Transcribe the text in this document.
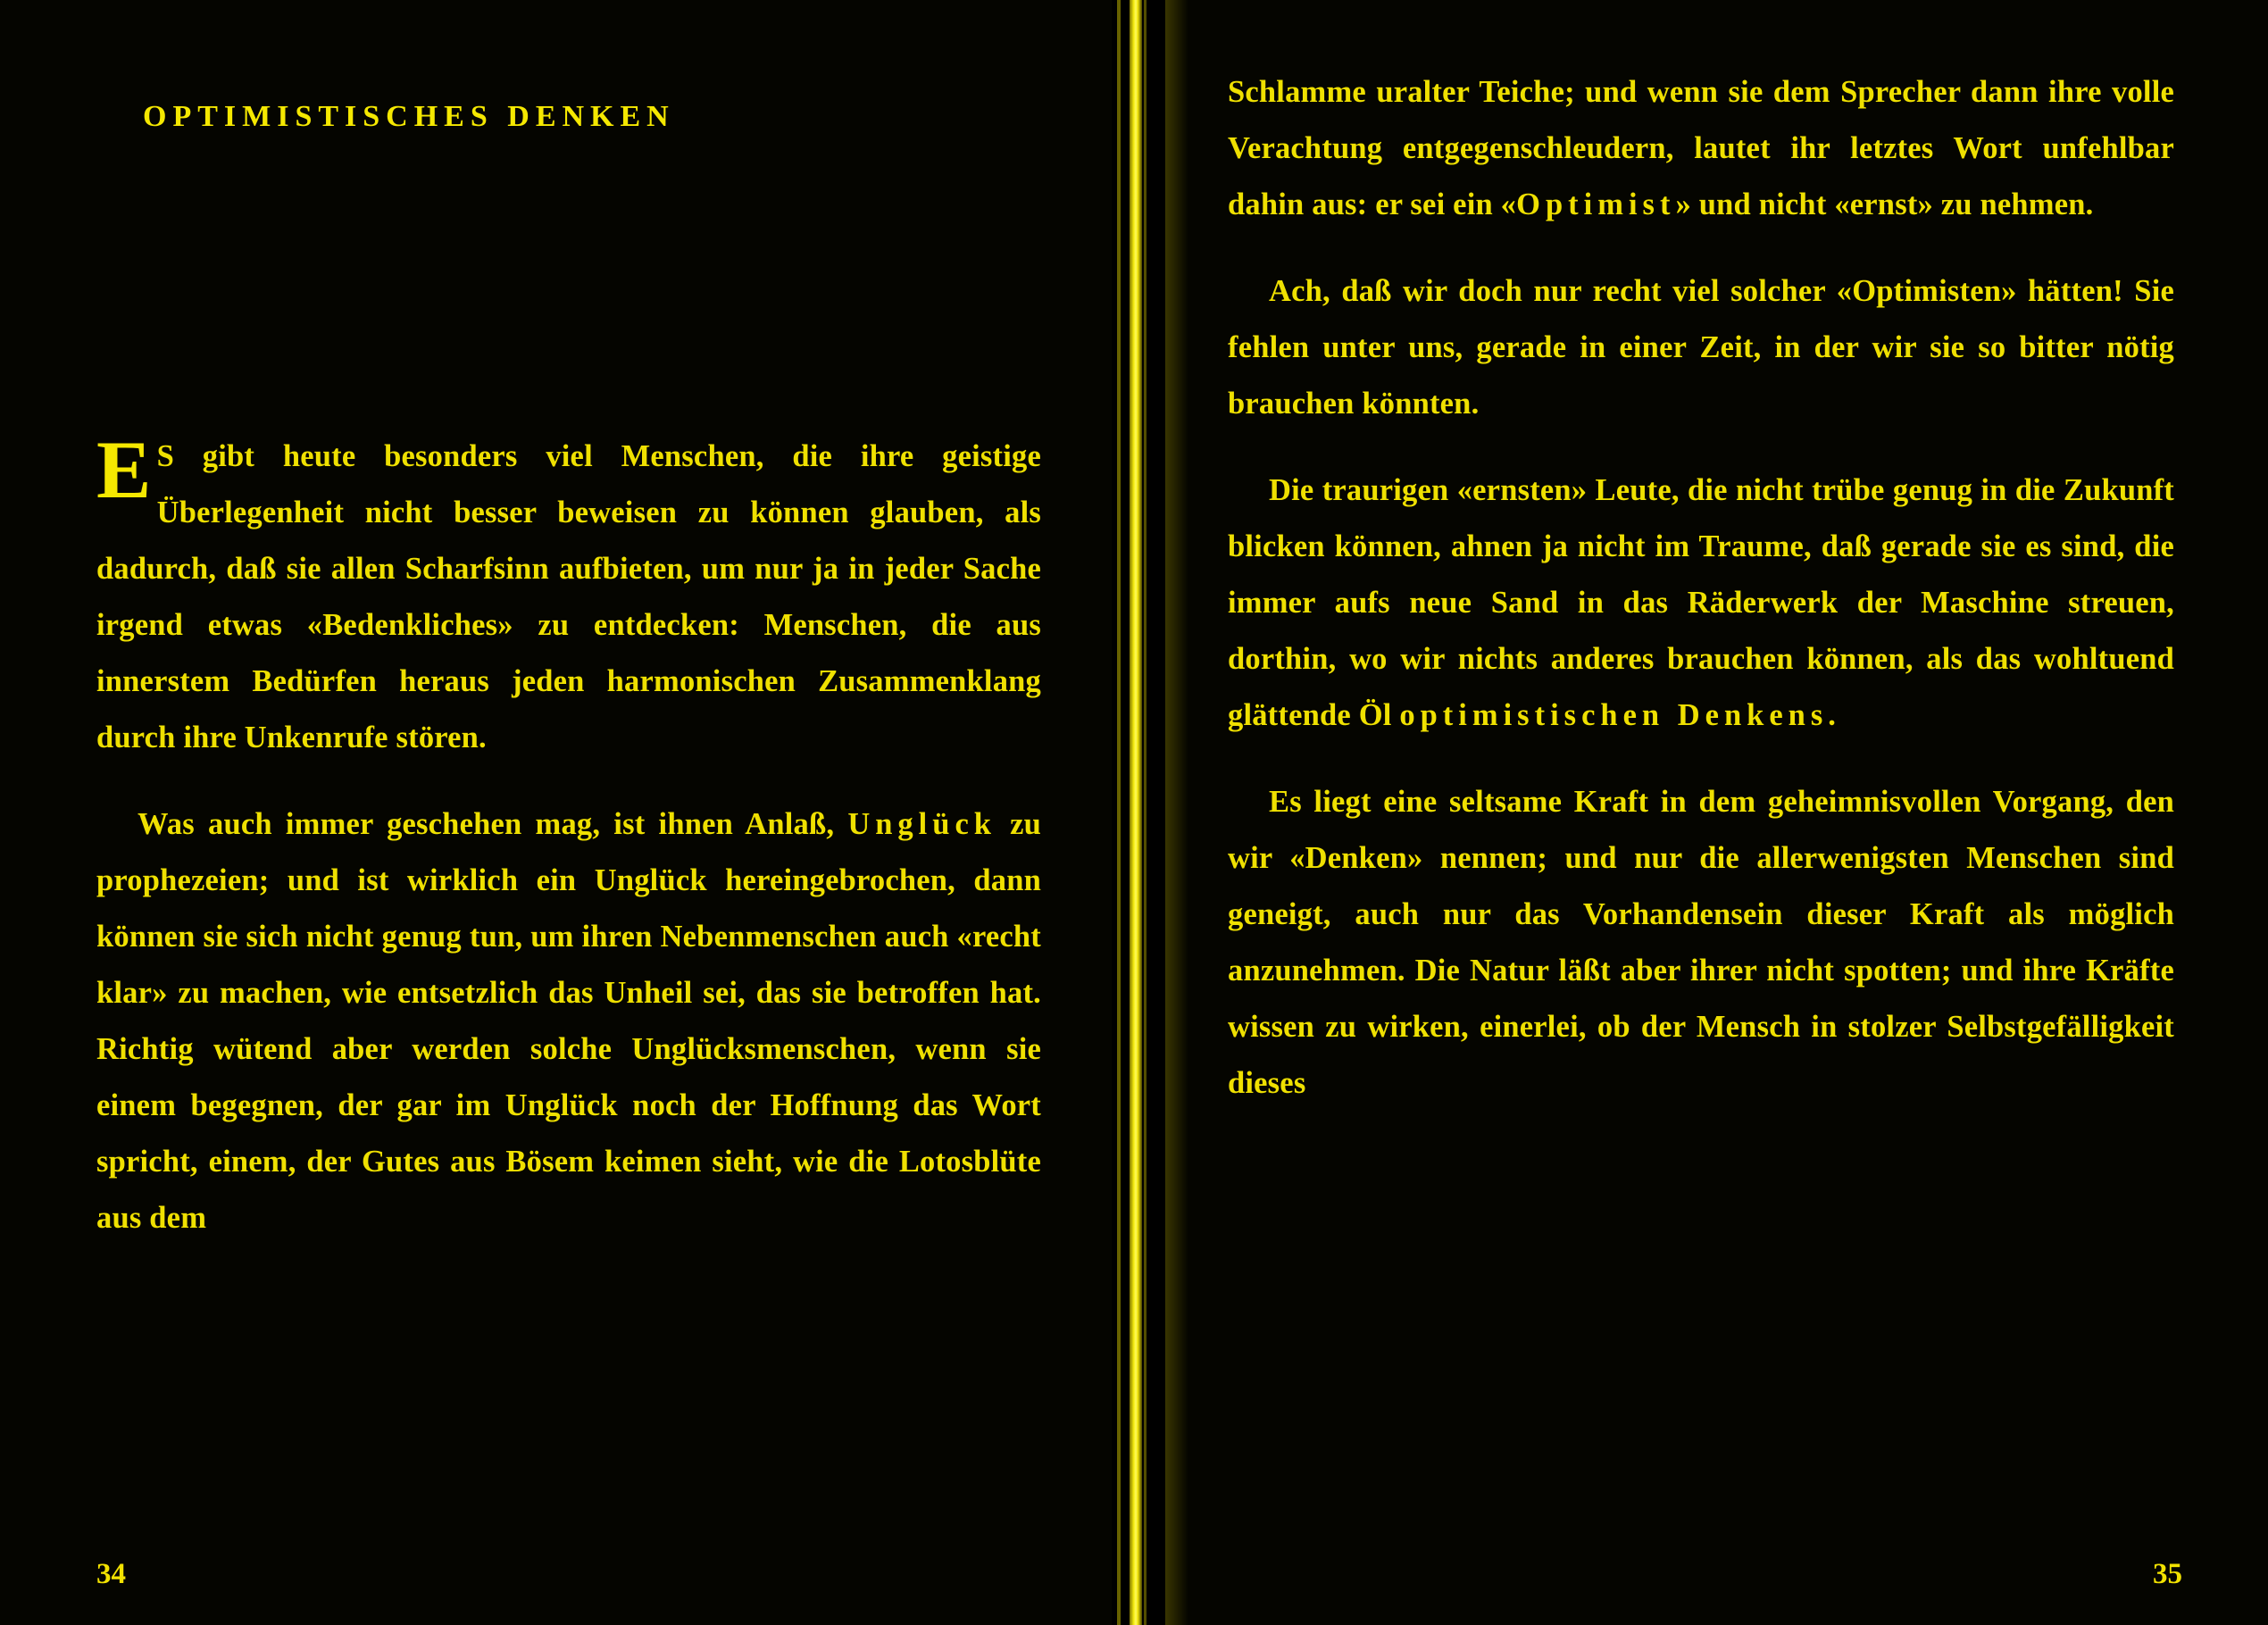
OPTIMISTISCHES DENKEN

E S gibt heute besonders viel Menschen, die ihre geistige Überlegenheit nicht besser beweisen zu können glauben, als dadurch, daß sie allen Scharfsinn aufbieten, um nur ja in jeder Sache irgend etwas «Bedenkliches» zu entdecken: Menschen, die aus innerstem Bedürfen heraus jeden harmonischen Zusammenklang durch ihre Unkenrufe stören.

Was auch immer geschehen mag, ist ihnen Anlaß, Unglück zu prophezeien; und ist wirklich ein Unglück hereingebrochen, dann können sie sich nicht genug tun, um ihren Nebenmenschen auch «recht klar» zu machen, wie entsetzlich das Unheil sei, das sie betroffen hat. Richtig wütend aber werden solche Unglücksmenschen, wenn sie einem begegnen, der gar im Unglück noch der Hoffnung das Wort spricht, einem, der Gutes aus Bösem keimen sieht, wie die Lotosblüte aus dem

34

Schlamme uralter Teiche; und wenn sie dem Sprecher dann ihre volle Verachtung entgegenschleudern, lautet ihr letztes Wort unfehlbar dahin aus: er sei ein «Optimist» und nicht «ernst» zu nehmen.

Ach, daß wir doch nur recht viel solcher «Optimisten» hätten! Sie fehlen unter uns, gerade in einer Zeit, in der wir sie so bitter nötig brauchen könnten.

Die traurigen «ernsten» Leute, die nicht trübe genug in die Zukunft blicken können, ahnen ja nicht im Traume, daß gerade sie es sind, die immer aufs neue Sand in das Räderwerk der Maschine streuen, dorthin, wo wir nichts anderes brauchen können, als das wohltuend glättende Öl optimistischen Denkens.

Es liegt eine seltsame Kraft in dem geheimnisvollen Vorgang, den wir «Denken» nennen; und nur die allerwenigsten Menschen sind geneigt, auch nur das Vorhandensein dieser Kraft als möglich anzunehmen. Die Natur läßt aber ihrer nicht spotten; und ihre Kräfte wissen zu wirken, einerlei, ob der Mensch in stolzer Selbstgefälligkeit dieses

35
